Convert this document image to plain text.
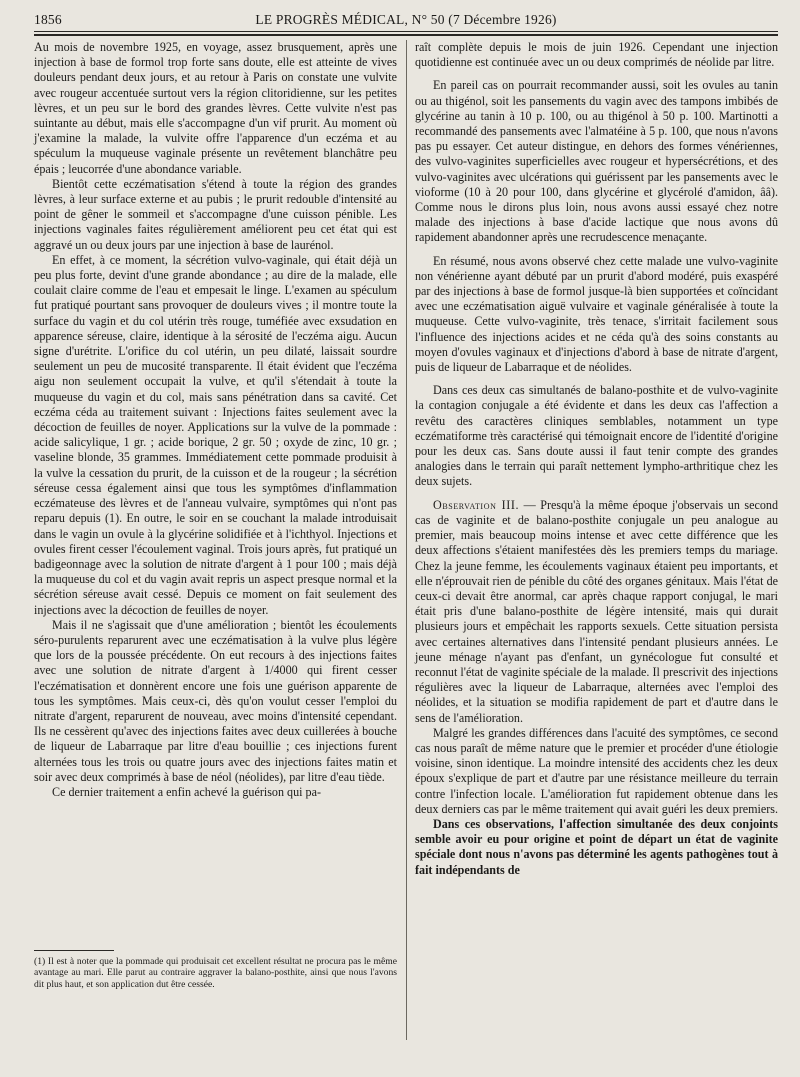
1856	LE PROGRÈS MÉDICAL, N° 50 (7 Décembre 1926)

Au mois de novembre 1925, en voyage, assez brusquement, après une injection à base de formol trop forte sans doute, elle est atteinte de vives douleurs pendant deux jours, et au retour à Paris on constate une vulvite avec rougeur accentuée surtout vers la région clitoridienne, sur les petites lèvres, et un peu sur le bord des grandes lèvres. Cette vulvite n'est pas suintante au début, mais elle s'accompagne d'un vif prurit. Au moment où j'examine la malade, la vulvite offre l'apparence d'un eczéma et au spéculum la muqueuse vaginale présente un revêtement blanchâtre peu épais ; leucorrée d'une abondance variable.

Bientôt cette eczématisation s'étend à toute la région des grandes lèvres, à leur surface externe et au pubis ; le prurit redouble d'intensité au point de gêner le sommeil et s'accompagne d'une cuisson pénible. Les injections vaginales faites régulièrement améliorent peu cet état qui est aggravé un ou deux jours par une injection à base de laurénol.

En effet, à ce moment, la sécrétion vulvo-vaginale, qui était déjà un peu plus forte, devint d'une grande abondance ; au dire de la malade, elle coulait claire comme de l'eau et empesait le linge. L'examen au spéculum fut pratiqué pourtant sans provoquer de douleurs vives ; il montre toute la surface du vagin et du col utérin très rouge, tuméfiée avec exsudation en apparence séreuse, claire, identique à la sérosité de l'eczéma aigu. Aucun signe d'urétrite. L'orifice du col utérin, un peu dilaté, laissait sourdre seulement un peu de mucosité transparente. Il était évident que l'eczéma aigu non seulement occupait la vulve, et qu'il s'étendait à toute la muqueuse du vagin et du col, mais sans pénétration dans sa cavité. Cet eczéma céda au traitement suivant : Injections faites seulement avec la décoction de feuilles de noyer. Applications sur la vulve de la pommade : acide salicylique, 1 gr. ; acide borique, 2 gr. 50 ; oxyde de zinc, 10 gr. ; vaseline blonde, 35 grammes. Immédiatement cette pommade produisit à la vulve la cessation du prurit, de la cuisson et de la rougeur ; la sécrétion séreuse cessa également ainsi que tous les symptômes d'inflammation eczémateuse des lèvres et de l'anneau vulvaire, symptômes qui n'ont pas reparu depuis (1). En outre, le soir en se couchant la malade introduisait dans le vagin un ovule à la glycérine solidifiée et à l'ichthyol. Injections et ovules firent cesser l'écoulement vaginal. Trois jours après, fut pratiqué un badigeonnage avec la solution de nitrate d'argent à 1 pour 100 ; mais déjà la muqueuse du col et du vagin avait repris un aspect presque normal et la sécrétion séreuse avait cessé. Depuis ce moment on fait seulement des injections avec la décoction de feuilles de noyer.

Mais il ne s'agissait que d'une amélioration ; bientôt les écoulements séro-purulents reparurent avec une eczématisation à la vulve plus légère que lors de la poussée précédente. On eut recours à des injections faites avec une solution de nitrate d'argent à 1/4000 qui firent cesser l'eczématisation et donnèrent encore une fois une guérison apparente de tous les symptômes. Mais ceux-ci, dès qu'on voulut cesser l'emploi du nitrate d'argent, reparurent de nouveau, avec moins d'intensité cependant. Ils ne cessèrent qu'avec des injections faites avec deux cuillerées à bouche de liqueur de Labarraque par litre d'eau bouillie ; ces injections furent alternées tous les trois ou quatre jours avec des injections faites matin et soir avec deux comprimés à base de néol (néolides), par litre d'eau tiède.

Ce dernier traitement a enfin achevé la guérison qui pa-

raît complète depuis le mois de juin 1926. Cependant une injection quotidienne est continuée avec un ou deux comprimés de néolide par litre.

En pareil cas on pourrait recommander aussi, soit les ovules au tanin ou au thigénol, soit les pansements du vagin avec des tampons imbibés de glycérine au tanin à 10 p. 100, ou au thigénol à 50 p. 100. Martinotti a recommandé des pansements avec l'almatéine à 5 p. 100, que nous n'avons pas pu essayer. Cet auteur distingue, en dehors des formes vénériennes, des vulvo-vaginites superficielles avec rougeur et hypersécrétions, et des vulvo-vaginites avec ulcérations qui guérissent par les pansements avec le vioforme (10 à 20 pour 100, dans glycérine et glycérolé d'amidon, ââ). Comme nous le dirons plus loin, nous avons aussi essayé chez notre malade des injections à base d'acide lactique que nous avons dû rapidement abandonner après une recrudescence menaçante.

En résumé, nous avons observé chez cette malade une vulvo-vaginite non vénérienne ayant débuté par un prurit d'abord modéré, puis exaspéré par des injections à base de formol jusque-là bien supportées et coïncidant avec une eczématisation aiguë vulvaire et vaginale généralisée à toute la muqueuse. Cette vulvo-vaginite, très tenace, s'irritait facilement sous l'influence des injections acides et ne céda qu'à des soins constants au moyen d'ovules vaginaux et d'injections d'abord à base de nitrate d'argent, puis de liqueur de Labarraque et de néolides.

Dans ces deux cas simultanés de balano-posthite et de vulvo-vaginite la contagion conjugale a été évidente et dans les deux cas l'affection a revêtu des caractères cliniques semblables, notamment un type eczématiforme très caractérisé qui témoignait encore de l'identité d'origine pour les deux cas. Sans doute aussi il faut tenir compte des grandes analogies dans le terrain qui paraît nettement lympho-arthritique chez les deux sujets.

Observation III. — Presqu'à la même époque j'observais un second cas de vaginite et de balano-posthite conjugale un peu analogue au premier, mais beaucoup moins intense et avec cette différence que les deux affections s'étaient manifestées dès les premiers temps du mariage. Chez la jeune femme, les écoulements vaginaux étaient peu importants, et elle n'éprouvait rien de pénible du côté des organes génitaux. Mais l'état de ceux-ci devait être anormal, car après chaque rapport conjugal, le mari était pris d'une balano-posthite de légère intensité, mais qui durait plusieurs jours et empêchait les rapports sexuels. Cette situation persista avec certaines alternatives dans l'intensité pendant plusieurs années. Le jeune ménage n'ayant pas d'enfant, un gynécologue fut consulté et reconnut l'état de vaginite spéciale de la malade. Il prescrivit des injections régulières avec la liqueur de Labarraque, alternées avec l'emploi des néolides, et la situation se modifia rapidement de part et d'autre dans le sens de l'amélioration.

Malgré les grandes différences dans l'acuité des symptômes, ce second cas nous paraît de même nature que le premier et procéder d'une étiologie voisine, sinon identique. La moindre intensité des accidents chez les deux époux s'explique de part et d'autre par une résistance meilleure du terrain contre l'infection locale. L'amélioration fut rapidement obtenue dans les deux derniers cas par le même traitement qui avait guéri les deux premiers.

Dans ces observations, l'affection simultanée des deux conjoints semble avoir eu pour origine et point de départ un état de vaginite spéciale dont nous n'avons pas déterminé les agents pathogènes tout à fait indépendants de

(1) Il est à noter que la pommade qui produisait cet excellent résultat ne procura pas le même avantage au mari. Elle parut au contraire aggraver la balano-posthite, ainsi que nous l'avons dit plus haut, et son application dut être cessée.
